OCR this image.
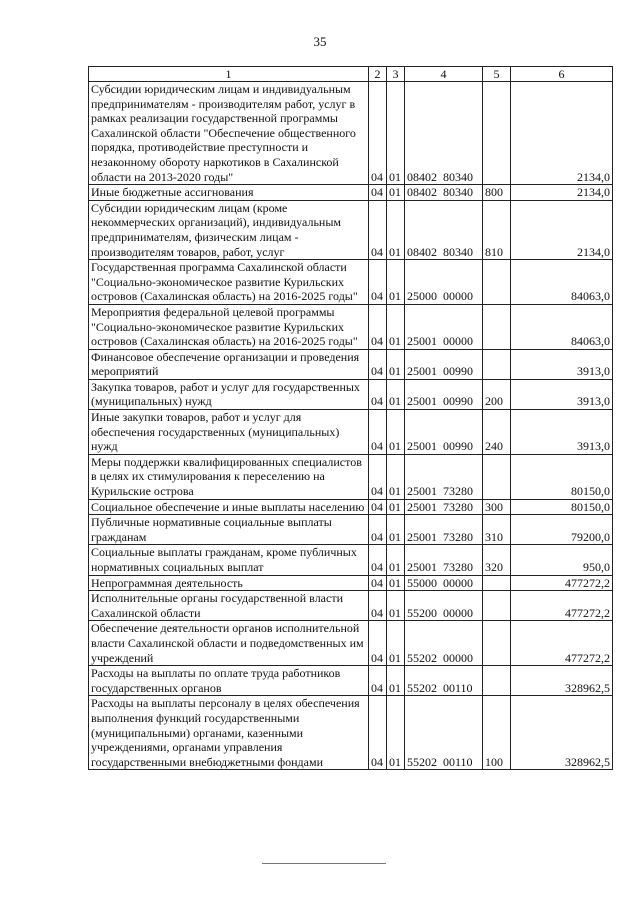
35
1	2	3	4	5	6
Субсидии юридическим лицам и индивидуальным предпринимателям - производителям работ, услуг в рамках реализации государственной программы Сахалинской области "Обеспечение общественного порядка, противодействие преступности и незаконному обороту наркотиков в Сахалинской области на 2013-2020 годы"	04	01	08402  80340		2134,0
Иные бюджетные ассигнования	04	01	08402  80340	800	2134,0
Субсидии юридическим лицам (кроме некоммерческих организаций), индивидуальным предпринимателям, физическим лицам - производителям товаров, работ, услуг	04	01	08402  80340	810	2134,0
Государственная программа Сахалинской области "Социально-экономическое развитие Курильских островов (Сахалинская область) на 2016-2025 годы"	04	01	25000  00000		84063,0
Мероприятия федеральной целевой программы "Социально-экономическое развитие Курильских островов (Сахалинская область) на 2016-2025 годы"	04	01	25001  00000		84063,0
Финансовое обеспечение организации и проведения мероприятий	04	01	25001  00990		3913,0
Закупка товаров, работ и услуг для государственных (муниципальных) нужд	04	01	25001  00990	200	3913,0
Иные закупки товаров, работ и услуг для обеспечения государственных (муниципальных) нужд	04	01	25001  00990	240	3913,0
Меры поддержки квалифицированных специалистов в целях их стимулирования к переселению на Курильские острова	04	01	25001  73280		80150,0
Социальное обеспечение и иные выплаты населению	04	01	25001  73280	300	80150,0
Публичные нормативные социальные выплаты гражданам	04	01	25001  73280	310	79200,0
Социальные выплаты гражданам, кроме публичных нормативных социальных выплат	04	01	25001  73280	320	950,0
Непрограммная деятельность	04	01	55000  00000		477272,2
Исполнительные органы государственной власти Сахалинской области	04	01	55200  00000		477272,2
Обеспечение деятельности органов исполнительной власти Сахалинской области и подведомственных им учреждений	04	01	55202  00000		477272,2
Расходы на выплаты по оплате труда работников государственных органов	04	01	55202  00110		328962,5
Расходы на выплаты персоналу в целях обеспечения выполнения функций государственными (муниципальными) органами, казенными учреждениями, органами управления государственными внебюджетными фондами	04	01	55202  00110	100	328962,5
